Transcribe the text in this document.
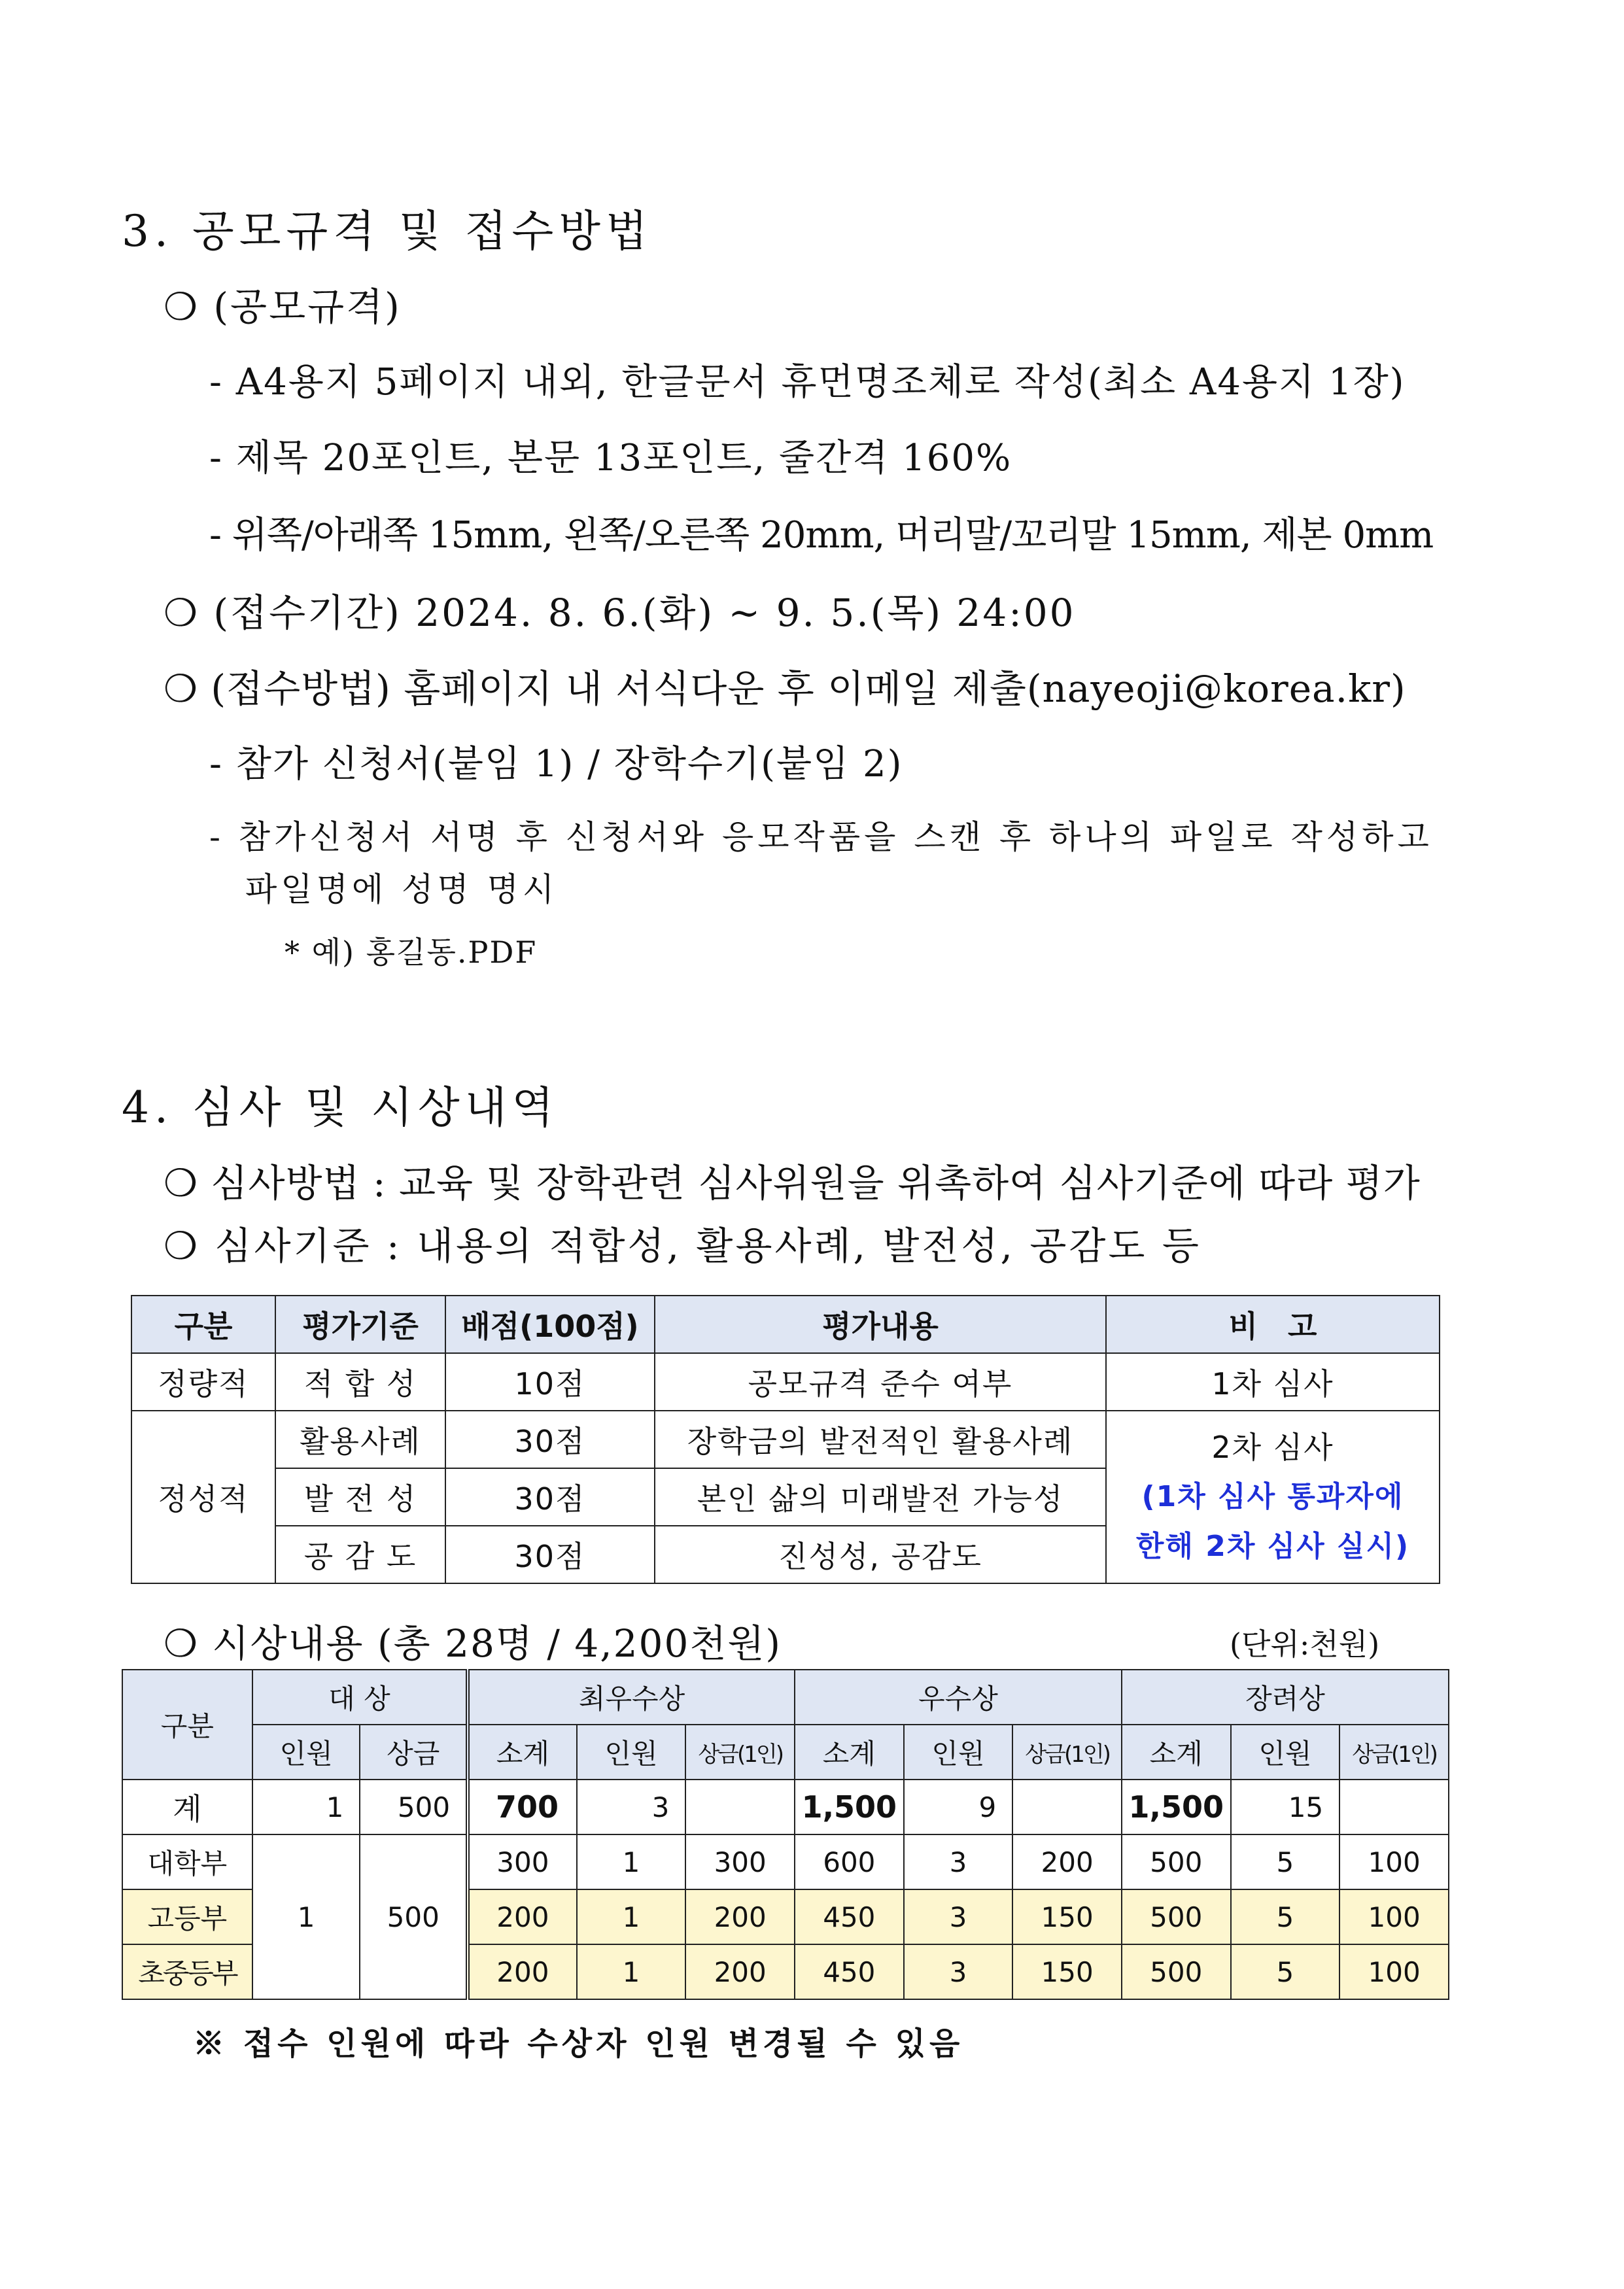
3. 공모규격 및 접수방법
❍ (공모규격)
- A4용지 5페이지 내외, 한글문서 휴먼명조체로 작성(최소 A4용지 1장)
- 제목 20포인트, 본문 13포인트, 줄간격 160%
- 위쪽/아래쪽 15mm, 왼쪽/오른쪽 20mm, 머리말/꼬리말 15mm, 제본 0mm
❍ (접수기간) 2024. 8. 6.(화) ~ 9. 5.(목) 24:00
❍ (접수방법) 홈페이지 내 서식다운 후 이메일 제출(nayeoji@korea.kr)
- 참가 신청서(붙임 1) / 장학수기(붙임 2)
- 참가신청서 서명 후 신청서와 응모작품을 스캔 후 하나의 파일로 작성하고
파일명에 성명 명시
* 예) 홍길동.PDF
4. 심사 및 시상내역
❍ 심사방법 : 교육 및 장학관련 심사위원을 위촉하여 심사기준에 따라 평가
❍ 심사기준 : 내용의 적합성, 활용사례, 발전성, 공감도 등
구분	평가기준	배점(100점)	평가내용	비　고
정량적	적 합 성	10점	공모규격 준수 여부	1차 심사
정성적	활용사례	30점	장학금의 발전적인 활용사례	2차 심사
(1차 심사 통과자에
한해 2차 심사 실시)

	발 전 성	30점	본인 삶의 미래발전 가능성	
	공 감 도	30점	진성성, 공감도	
❍ 시상내용 (총 28명 / 4,200천원)	(단위:천원)
구분	대 상		최우수상			우수상			장려상		
	인원	상금	소계	인원	상금(1인)	소계	인원	상금(1인)	소계	인원	상금(1인)
계	1	500	700	3		1,500	9		1,500	15	
대학부	1	500	300	1	300	600	3	200	500	5	100
고등부			200	1	200	450	3	150	500	5	100
초중등부			200	1	200	450	3	150	500	5	100
※ 접수 인원에 따라 수상자 인원 변경될 수 있음
